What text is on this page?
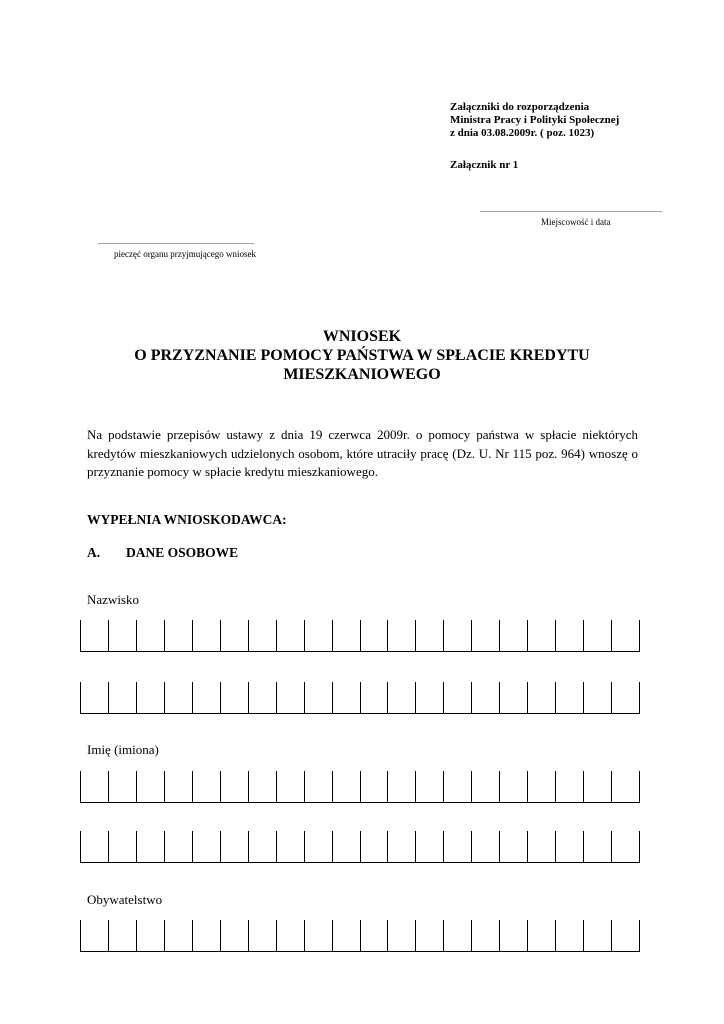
Załączniki do rozporządzenia
Ministra Pracy i Polityki Społecznej
z dnia 03.08.2009r. ( poz. 1023)
Załącznik nr 1
...........................................................................................
Miejscowość i data
..............................................................................
pieczęć organu przyjmującego wniosek
WNIOSEK
O PRZYZNANIE POMOCY PAŃSTWA W SPŁACIE KREDYTU
MIESZKANIOWEGO
Na podstawie przepisów ustawy z dnia 19 czerwca 2009r. o pomocy państwa w spłacie niektórych kredytów mieszkaniowych udzielonych osobom, które utraciły pracę (Dz. U. Nr 115 poz. 964) wnoszę o przyznanie pomocy w spłacie kredytu mieszkaniowego.
WYPEŁNIA WNIOSKODAWCA:
A. DANE OSOBOWE
Nazwisko
Imię (imiona)
Obywatelstwo
